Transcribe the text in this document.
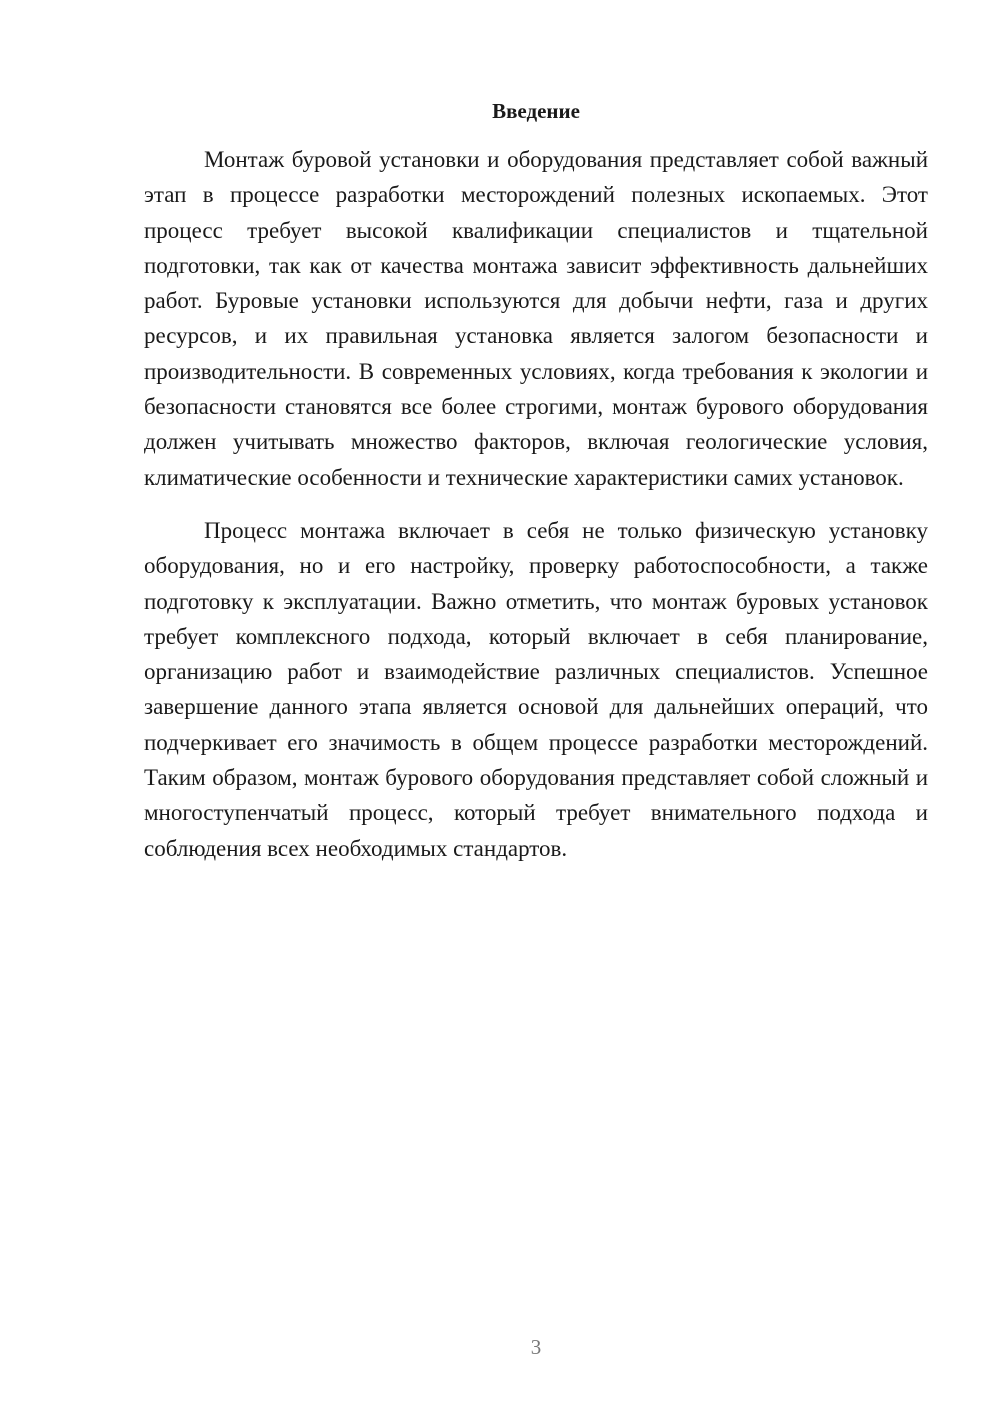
Введение

Монтаж буровой установки и оборудования представляет собой важный этап в процессе разработки месторождений полезных ископаемых. Этот процесс требует высокой квалификации специалистов и тщательной подготовки, так как от качества монтажа зависит эффективность дальнейших работ. Буровые установки используются для добычи нефти, газа и других ресурсов, и их правильная установка является залогом безопасности и производительности. В современных условиях, когда требования к экологии и безопасности становятся все более строгими, монтаж бурового оборудования должен учитывать множество факторов, включая геологические условия, климатические особенности и технические характеристики самих установок.

Процесс монтажа включает в себя не только физическую установку оборудования, но и его настройку, проверку работоспособности, а также подготовку к эксплуатации. Важно отметить, что монтаж буровых установок требует комплексного подхода, который включает в себя планирование, организацию работ и взаимодействие различных специалистов. Успешное завершение данного этапа является основой для дальнейших операций, что подчеркивает его значимость в общем процессе разработки месторождений. Таким образом, монтаж бурового оборудования представляет собой сложный и многоступенчатый процесс, который требует внимательного подхода и соблюдения всех необходимых стандартов.

3
